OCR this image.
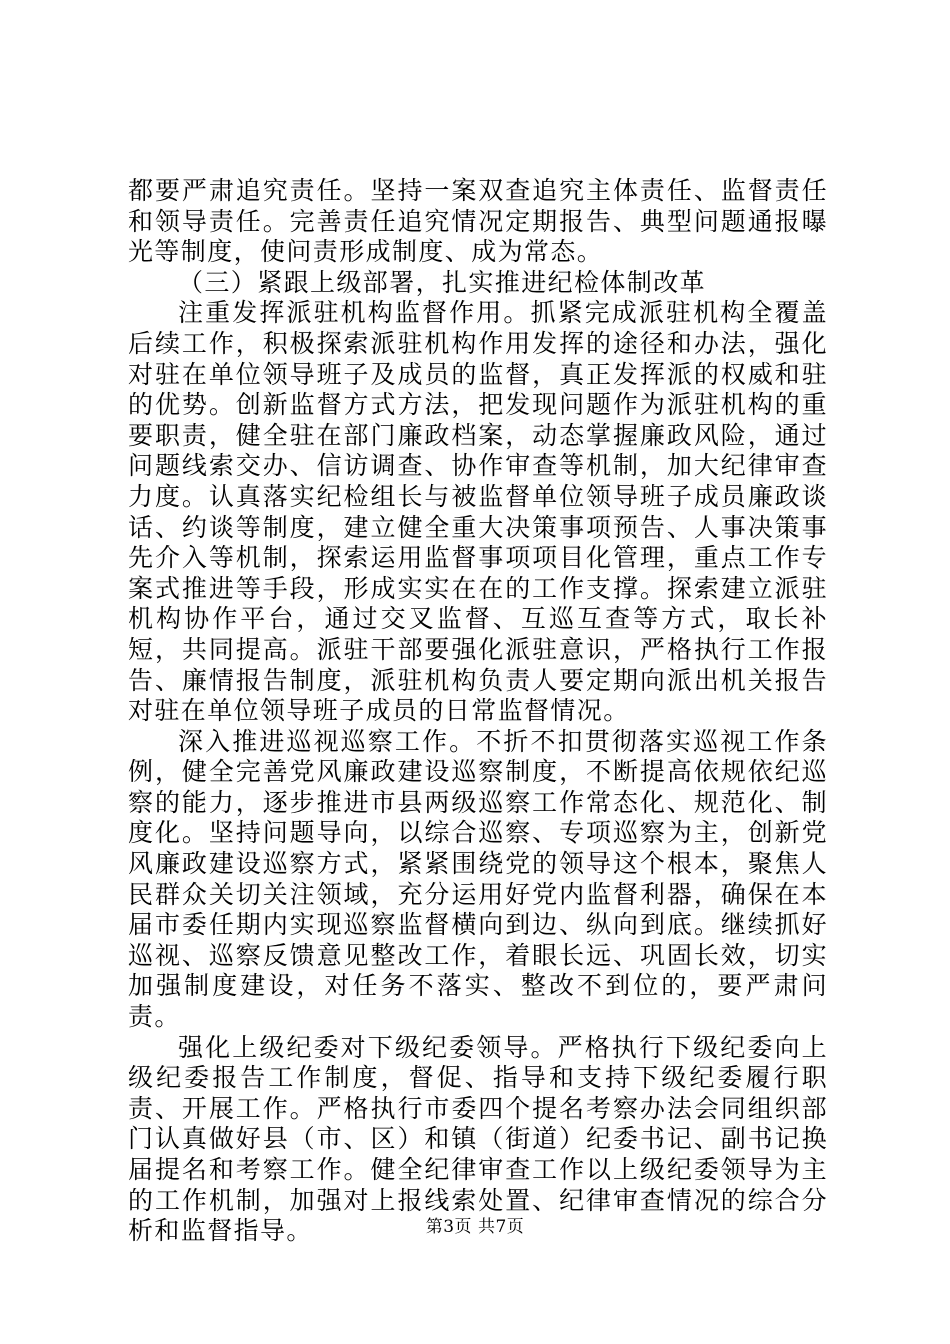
都要严肃追究责任。坚持一案双查追究主体责任、监督责任和领导责任。完善责任追究情况定期报告、典型问题通报曝光等制度，使问责形成制度、成为常态。

（三）紧跟上级部署，扎实推进纪检体制改革

注重发挥派驻机构监督作用。抓紧完成派驻机构全覆盖后续工作，积极探索派驻机构作用发挥的途径和办法，强化对驻在单位领导班子及成员的监督，真正发挥派的权威和驻的优势。创新监督方式方法，把发现问题作为派驻机构的重要职责，健全驻在部门廉政档案，动态掌握廉政风险，通过问题线索交办、信访调查、协作审查等机制，加大纪律审查力度。认真落实纪检组长与被监督单位领导班子成员廉政谈话、约谈等制度，建立健全重大决策事项预告、人事决策事先介入等机制，探索运用监督事项项目化管理，重点工作专案式推进等手段，形成实实在在的工作支撑。探索建立派驻机构协作平台，通过交叉监督、互巡互查等方式，取长补短，共同提高。派驻干部要强化派驻意识，严格执行工作报告、廉情报告制度，派驻机构负责人要定期向派出机关报告对驻在单位领导班子成员的日常监督情况。

深入推进巡视巡察工作。不折不扣贯彻落实巡视工作条例，健全完善党风廉政建设巡察制度，不断提高依规依纪巡察的能力，逐步推进市县两级巡察工作常态化、规范化、制度化。坚持问题导向，以综合巡察、专项巡察为主，创新党风廉政建设巡察方式，紧紧围绕党的领导这个根本，聚焦人民群众关切关注领域，充分运用好党内监督利器，确保在本届市委任期内实现巡察监督横向到边、纵向到底。继续抓好巡视、巡察反馈意见整改工作，着眼长远、巩固长效，切实加强制度建设，对任务不落实、整改不到位的，要严肃问责。

强化上级纪委对下级纪委领导。严格执行下级纪委向上级纪委报告工作制度，督促、指导和支持下级纪委履行职责、开展工作。严格执行市委四个提名考察办法会同组织部门认真做好县（市、区）和镇（街道）纪委书记、副书记换届提名和考察工作。健全纪律审查工作以上级纪委领导为主的工作机制，加强对上报线索处置、纪律审查情况的综合分析和监督指导。	第3页 共7页
